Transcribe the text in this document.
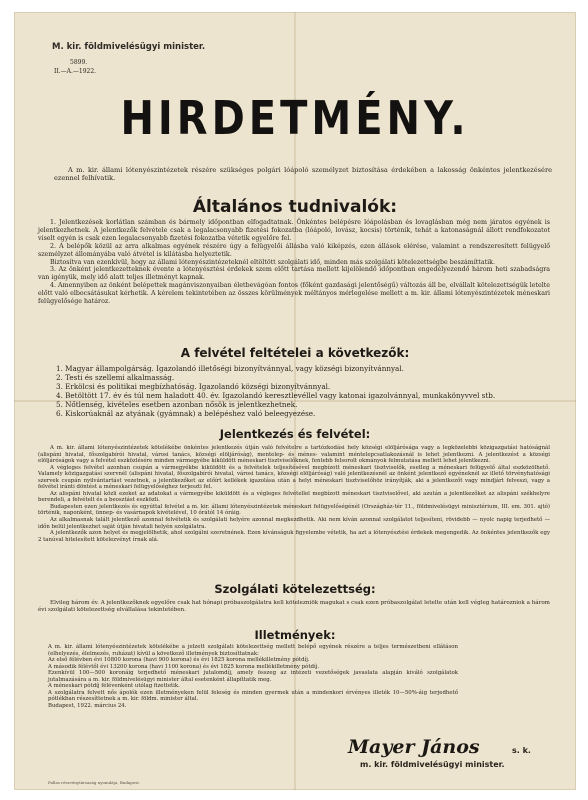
M. kir. földmivelésügyi minister.
5899.
II.—A.—1922.
HIRDETMÉNY.
A m. kir. állami lótenyészintézetek részére szükséges polgári lóápoló személyzet biztosítása érdekében a lakosság önkéntes jelentkezésére ezennel felhívatik.
Általános tudnivalók:

1. Jelentkezések korlátlan számban és bármely időpontban elfogadtatnak. Önkéntes belépésre lóápolásban és lovaglásban még nem járatos egyének is jelentkezhetnek. A jelentkezők felvétele csak a legalacsonyabb fizetési fokozatba (lóápoló, lovász, kocsis) történik, tehát a katonaságnál állott rendfokozatot viselt egyén is csak ezen legalacsonyabb fizetési fokozatba vétetik egyelőre fel.

2. A belépők közül az arra alkalmas egyének részére úgy a felügyelői állásba való kiképzés, ezen állások elérése, valamint a rendszeresített felügyelő személyzet állományába való átvétel is kilátásba helyeztetik.

Biztosítva van ezenkívül, hogy az állami lótenyészintézeteknél eltöltött szolgálati idő, minden más szolgálati kötelezettségbe beszámíttatik.

3. Az önként jelentkezetteknek évente a lótenyésztési érdekek szem előtt tartása mellett kijelölendő időpontban engedélyezendő három heti szabadságra van igényük, mely idő alatt teljes illetményt kapnak.

4. Amennyiben az önként belépettek magánviszonyaiban életbevágóan fontos (főként gazdasági jelentőségű) változás áll be, elvállalt kötelezettségük letelte előtt való elbocsátásukat kérhetik. A kérelem tekintetében az összes körülmények méltányos mérlegelése mellett a m. kir. állami lótenyészintézetek méneskari felügyelősége határoz.

A felvétel feltételei a következők:

1. Magyar állampolgárság. Igazolandó illetőségi bizonyítvánnyal, vagy községi bizonyítvánnyal.

2. Testi és szellemi alkalmasság.

3. Erkölcsi és politikai megbízhatóság. Igazolandó községi bizonyítvánnyal.

4. Betöltött 17. év és túl nem haladott 40. év. Igazolandó keresztlevéllel vagy katonai igazolvánnyal, munkakönyvvel stb.

5. Nőtlenség, kivételes esetben azonban nősök is jelentkezhetnek.

6. Kiskorúaknál az atyának (gyámnak) a belépéshez való beleegyezése.

Jelentkezés és felvétel:

A m. kir. állami lótenyészintézetek kötelékébe önkéntes jelentkezés útján való felvételre a tartózkodási hely községi elöljárósága vagy a legközelebbi közigazgatási hatóságnál (alispáni hivatal, főszolgabírói hivatal, városi tanács, községi elöljáróság), mentelep- és ménes- valamint méntelepcsatlakozásnál is lehet jelentkezni. A jelentkezést a községi elöljáróságok vagy a felvétel eszközlésére minden vármegyébe kiküldött méneskari tisztviselőknek, fentebb felsorolt okmányok felmutatása mellett lehet jelentkezni.

A végleges felvétel azonban csupán a vármegyékbe kiküldött és a felvételek teljesítésével megbízott méneskari tisztviselők, esetleg a méneskari felügyelő által eszközölhető. Valamely közigazgatási szervnél (alispáni hivatal, főszolgabírói hivatal, városi tanács, községi elöljáróság) való jelentkezésnél az önként jelentkező egyéneknél az illető törvényhatósági szervek csupán nyilvántartást vezetnek, a jelentkezőket az előírt kellékek igazolása után a helyi méneskari tisztviselőhöz irányítják, aki a jelentkezőt vagy mindjárt felveszi, vagy a felvétel iránti döntést a méneskari felügyelőséghez terjeszti fel.

Az alispáni hivatal közli ezeket az adatokat a vármegyébe kiküldött és a végleges felvétellel megbízott méneskari tisztviselővel, aki azután a jelentkezőket az alispáni székhelyre berendeli, a felvételt és a beosztást eszközli.

Budapesten ezen jelentkezés és egyúttal felvétel a m. kir. állami lótenyészintézetek méneskari felügyelőségénél (Országház-tér 11., földmivelésügyi minisztérium, III. em. 301. ajtó) történik, naponként, ünnep- és vasárnapok kivételével, 10 órától 14 óráig.

Az alkalmasnak talált jelentkező azonnal felvétetik és szolgálati helyére azonnal megkezdhetik. Aki nem kíván azonnal szolgálatot teljesíteni, rövidebb — nyolc napig terjedhető — időn belül jelentkezhet saját útján hivatali helyén szolgálatra.

A jelentkezők azon helyet és megjelölhetik, ahol szolgálni szeretnének. Ezen kívánságuk figyelembe vétetik, ha azt a lótenyésztési érdekek megengedik. Az önkéntes jelentkezők egy 2 tanúval hitelesített kötelezvényt írnak alá.

Szolgálati kötelezettség:

Elvileg három év. A jelentkezőknek egyelőre csak hat hónapi próbaszolgálatra kell kötelezniök magukat s csak ezen próbaszolgálat letelte után kell végleg határozniok a három évi szolgálati kötelezettség elvállalása tekintetében.

Illetmények:

A m. kir. állami lótenyészintézetek kötelékébe a jelzett szolgálati kötelezettség mellett belépő egyének részére a teljes természetbeni ellátáson (elhelyezés, élelmezés, ruházat) kívül a következő illetmények biztosíttatnak:

Az első félévben évi 10800 korona (havi 900 korona) és évi 1825 korona mellékilletmény pótdíj.

A második félévtől évi 13200 korona (havi 1100 korona) és évi 1825 korona mellékilletmény pótdíj.

Ezenkívül 100—500 koronáig terjedhető méneskari jutalomdíj, amely összeg az intézeti vezetőségek javaslata alapján kiváló szolgálatok jutalmazására a m. kir. földmivelésügyi minister által esetenként állapíttatik meg.

A méneskari pótdíj félévenként utólag fizettetik.

A szolgálatra felvett nős ápolók ezen illetményeken felül feleség és minden gyermek után a mindenkori érvényes illeték 10—50%-áig terjedhető pótlékban részesíttetnek a m. kir. földm. minister által.

Budapest, 1922. március 24.

Mayer János	s. k.
m. kir. földmivelésügyi minister.
Pallas részvénytársaság nyomdája, Budapest.
